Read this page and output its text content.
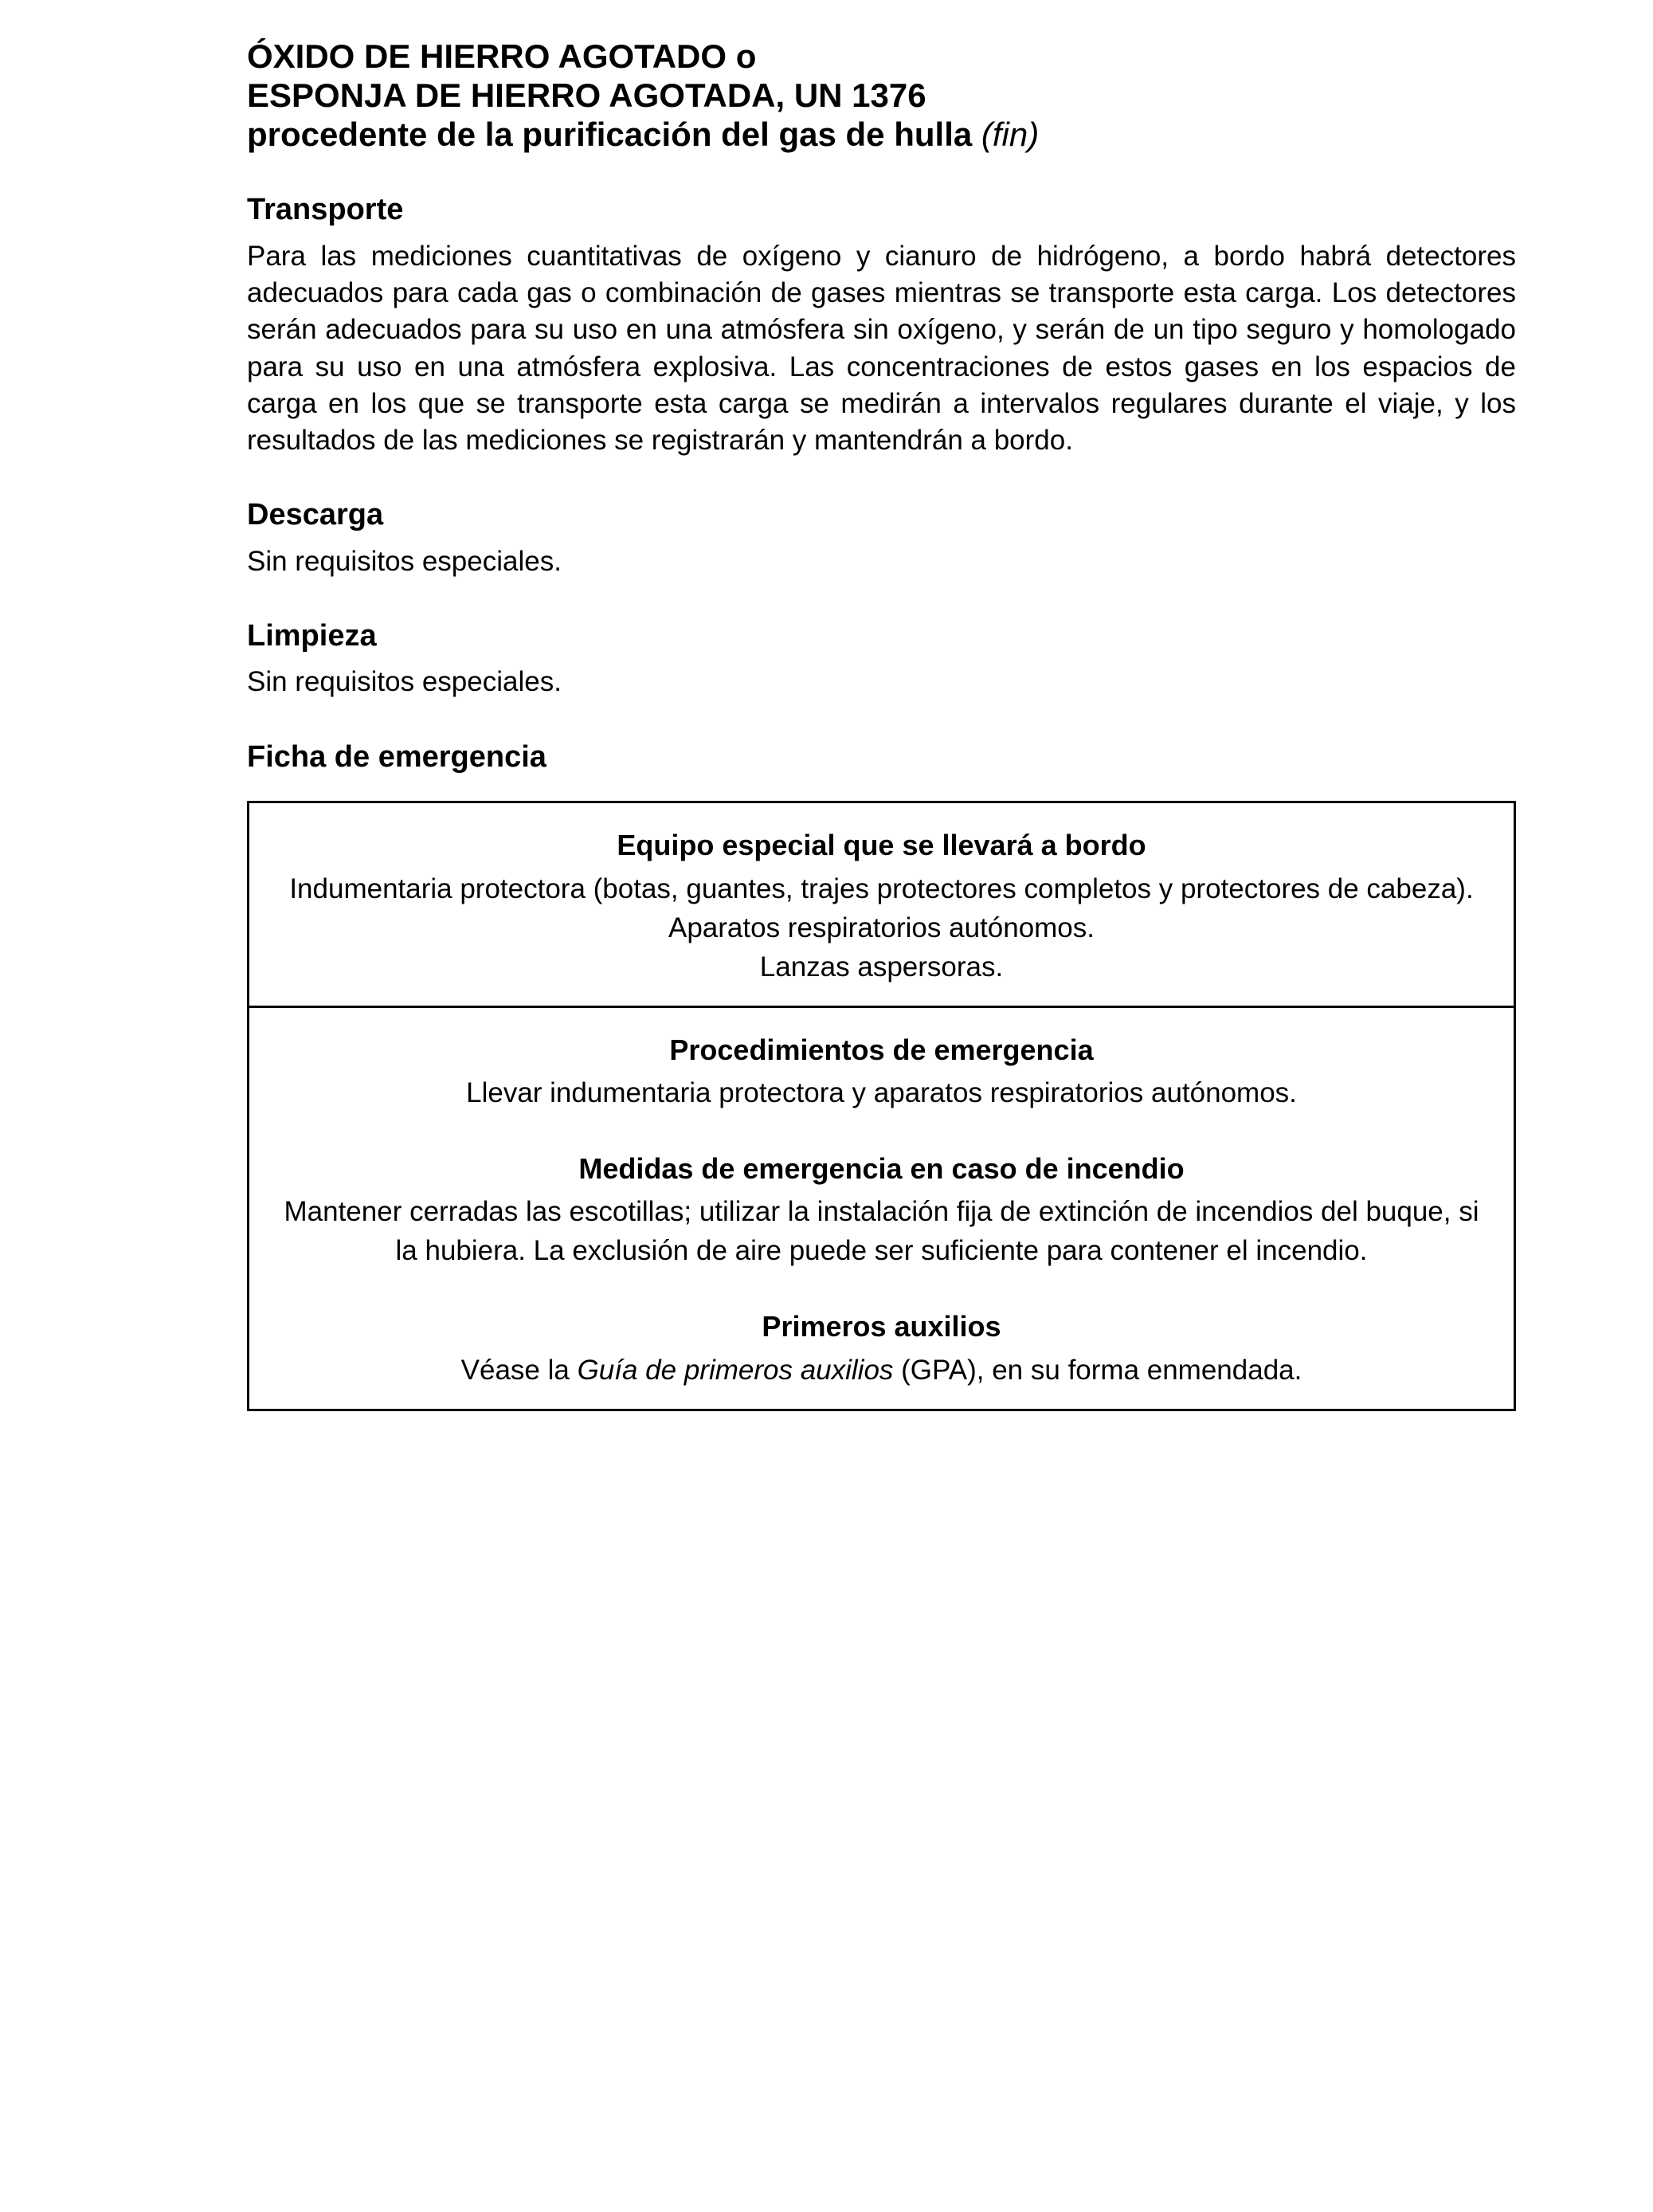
ÓXIDO DE HIERRO AGOTADO o
ESPONJA DE HIERRO AGOTADA, UN 1376
procedente de la purificación del gas de hulla (fin)
Transporte

Para las mediciones cuantitativas de oxígeno y cianuro de hidrógeno, a bordo habrá detectores adecuados para cada gas o combinación de gases mientras se transporte esta carga. Los detectores serán adecuados para su uso en una atmósfera sin oxígeno, y serán de un tipo seguro y homologado para su uso en una atmósfera explosiva. Las concentraciones de estos gases en los espacios de carga en los que se transporte esta carga se medirán a intervalos regulares durante el viaje, y los resultados de las mediciones se registrarán y mantendrán a bordo.

Descarga

Sin requisitos especiales.

Limpieza

Sin requisitos especiales.

Ficha de emergencia

Equipo especial que se llevará a bordo

Indumentaria protectora (botas, guantes, trajes protectores completos y protectores de cabeza).

Aparatos respiratorios autónomos.

Lanzas aspersoras.

Procedimientos de emergencia

Llevar indumentaria protectora y aparatos respiratorios autónomos.

Medidas de emergencia en caso de incendio

Mantener cerradas las escotillas; utilizar la instalación fija de extinción de incendios del buque, si la hubiera. La exclusión de aire puede ser suficiente para contener el incendio.

Primeros auxilios

Véase la Guía de primeros auxilios (GPA), en su forma enmendada.
